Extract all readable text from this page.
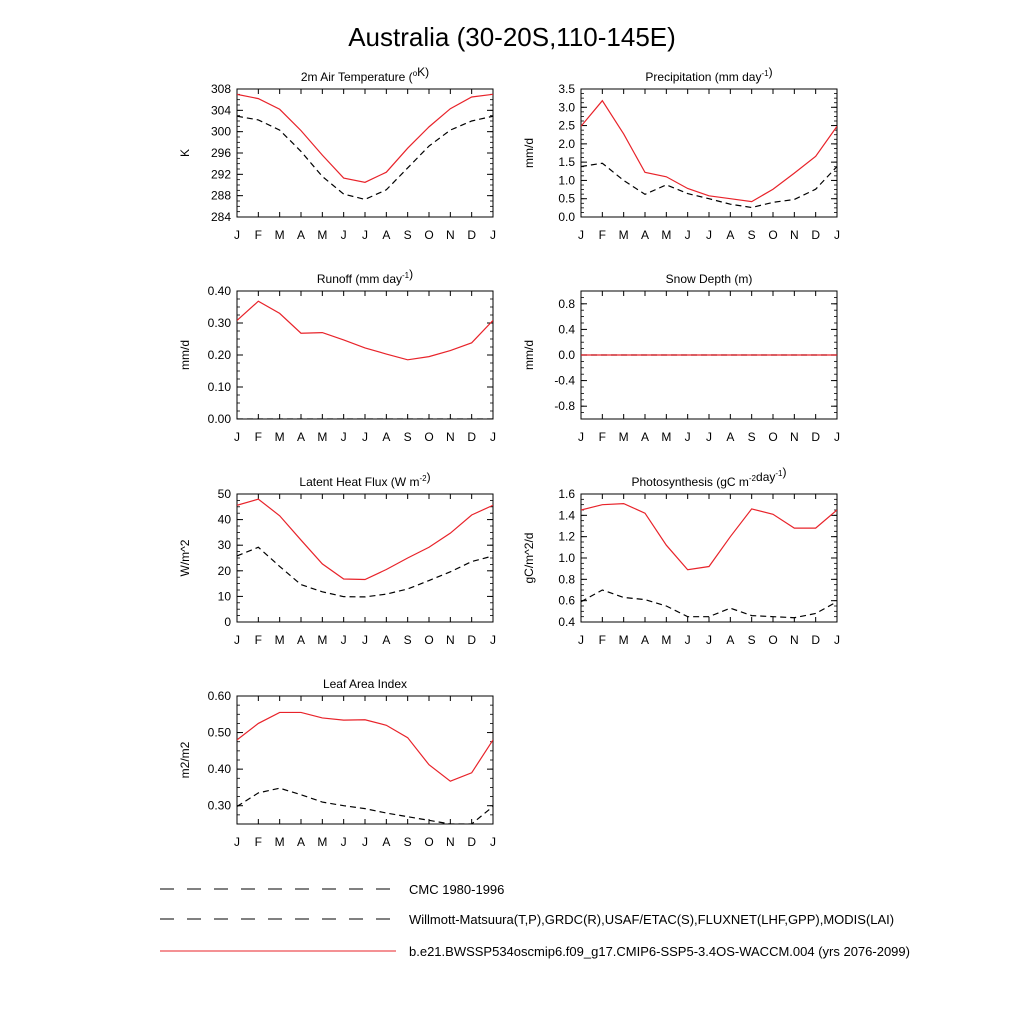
Australia (30-20S,110-145E)
2m Air Temperature ($^o$K)
J F M A M J J A S O N D J
284
288
292
296
300
304
308
K
Precipitation (mm day$^{-1}$)
J F M A M J J A S O N D J
0.0
0.5
1.0
1.5
2.0
2.5
3.0
3.5
mm/d
Runoff (mm day$^{-1}$)
J F M A M J J A S O N D J
0.00
0.10
0.20
0.30
0.40
mm/d
Snow Depth (m)
J F M A M J J A S O N D J
-0.8
-0.4
0.0
0.4
0.8
mm/d
Latent Heat Flux (W $m^{-2}$)
J F M A M J J A S O N D J
0
10
20
30
40
50
W/m^2
Photosynthesis (gC $m^{-2}day^{-1}$)
J F M A M J J A S O N D J
0.4
0.6
0.8
1.0
1.2
1.4
1.6
gC/m^2/d
Leaf Area Index
J F M A M J J A S O N D J
0.30
0.40
0.50
0.60
m2/m2
CMC 1980-1996
Willmott-Matsuura(T,P),GRDC(R),USAF/ETAC(S),FLUXNET(LHF,GPP),MODIS(LAI)
b.e21.BWSSP534oscmip6.f09_g17.CMIP6-SSP5-3.4OS-WACCM.004 (yrs 2076-2099)
